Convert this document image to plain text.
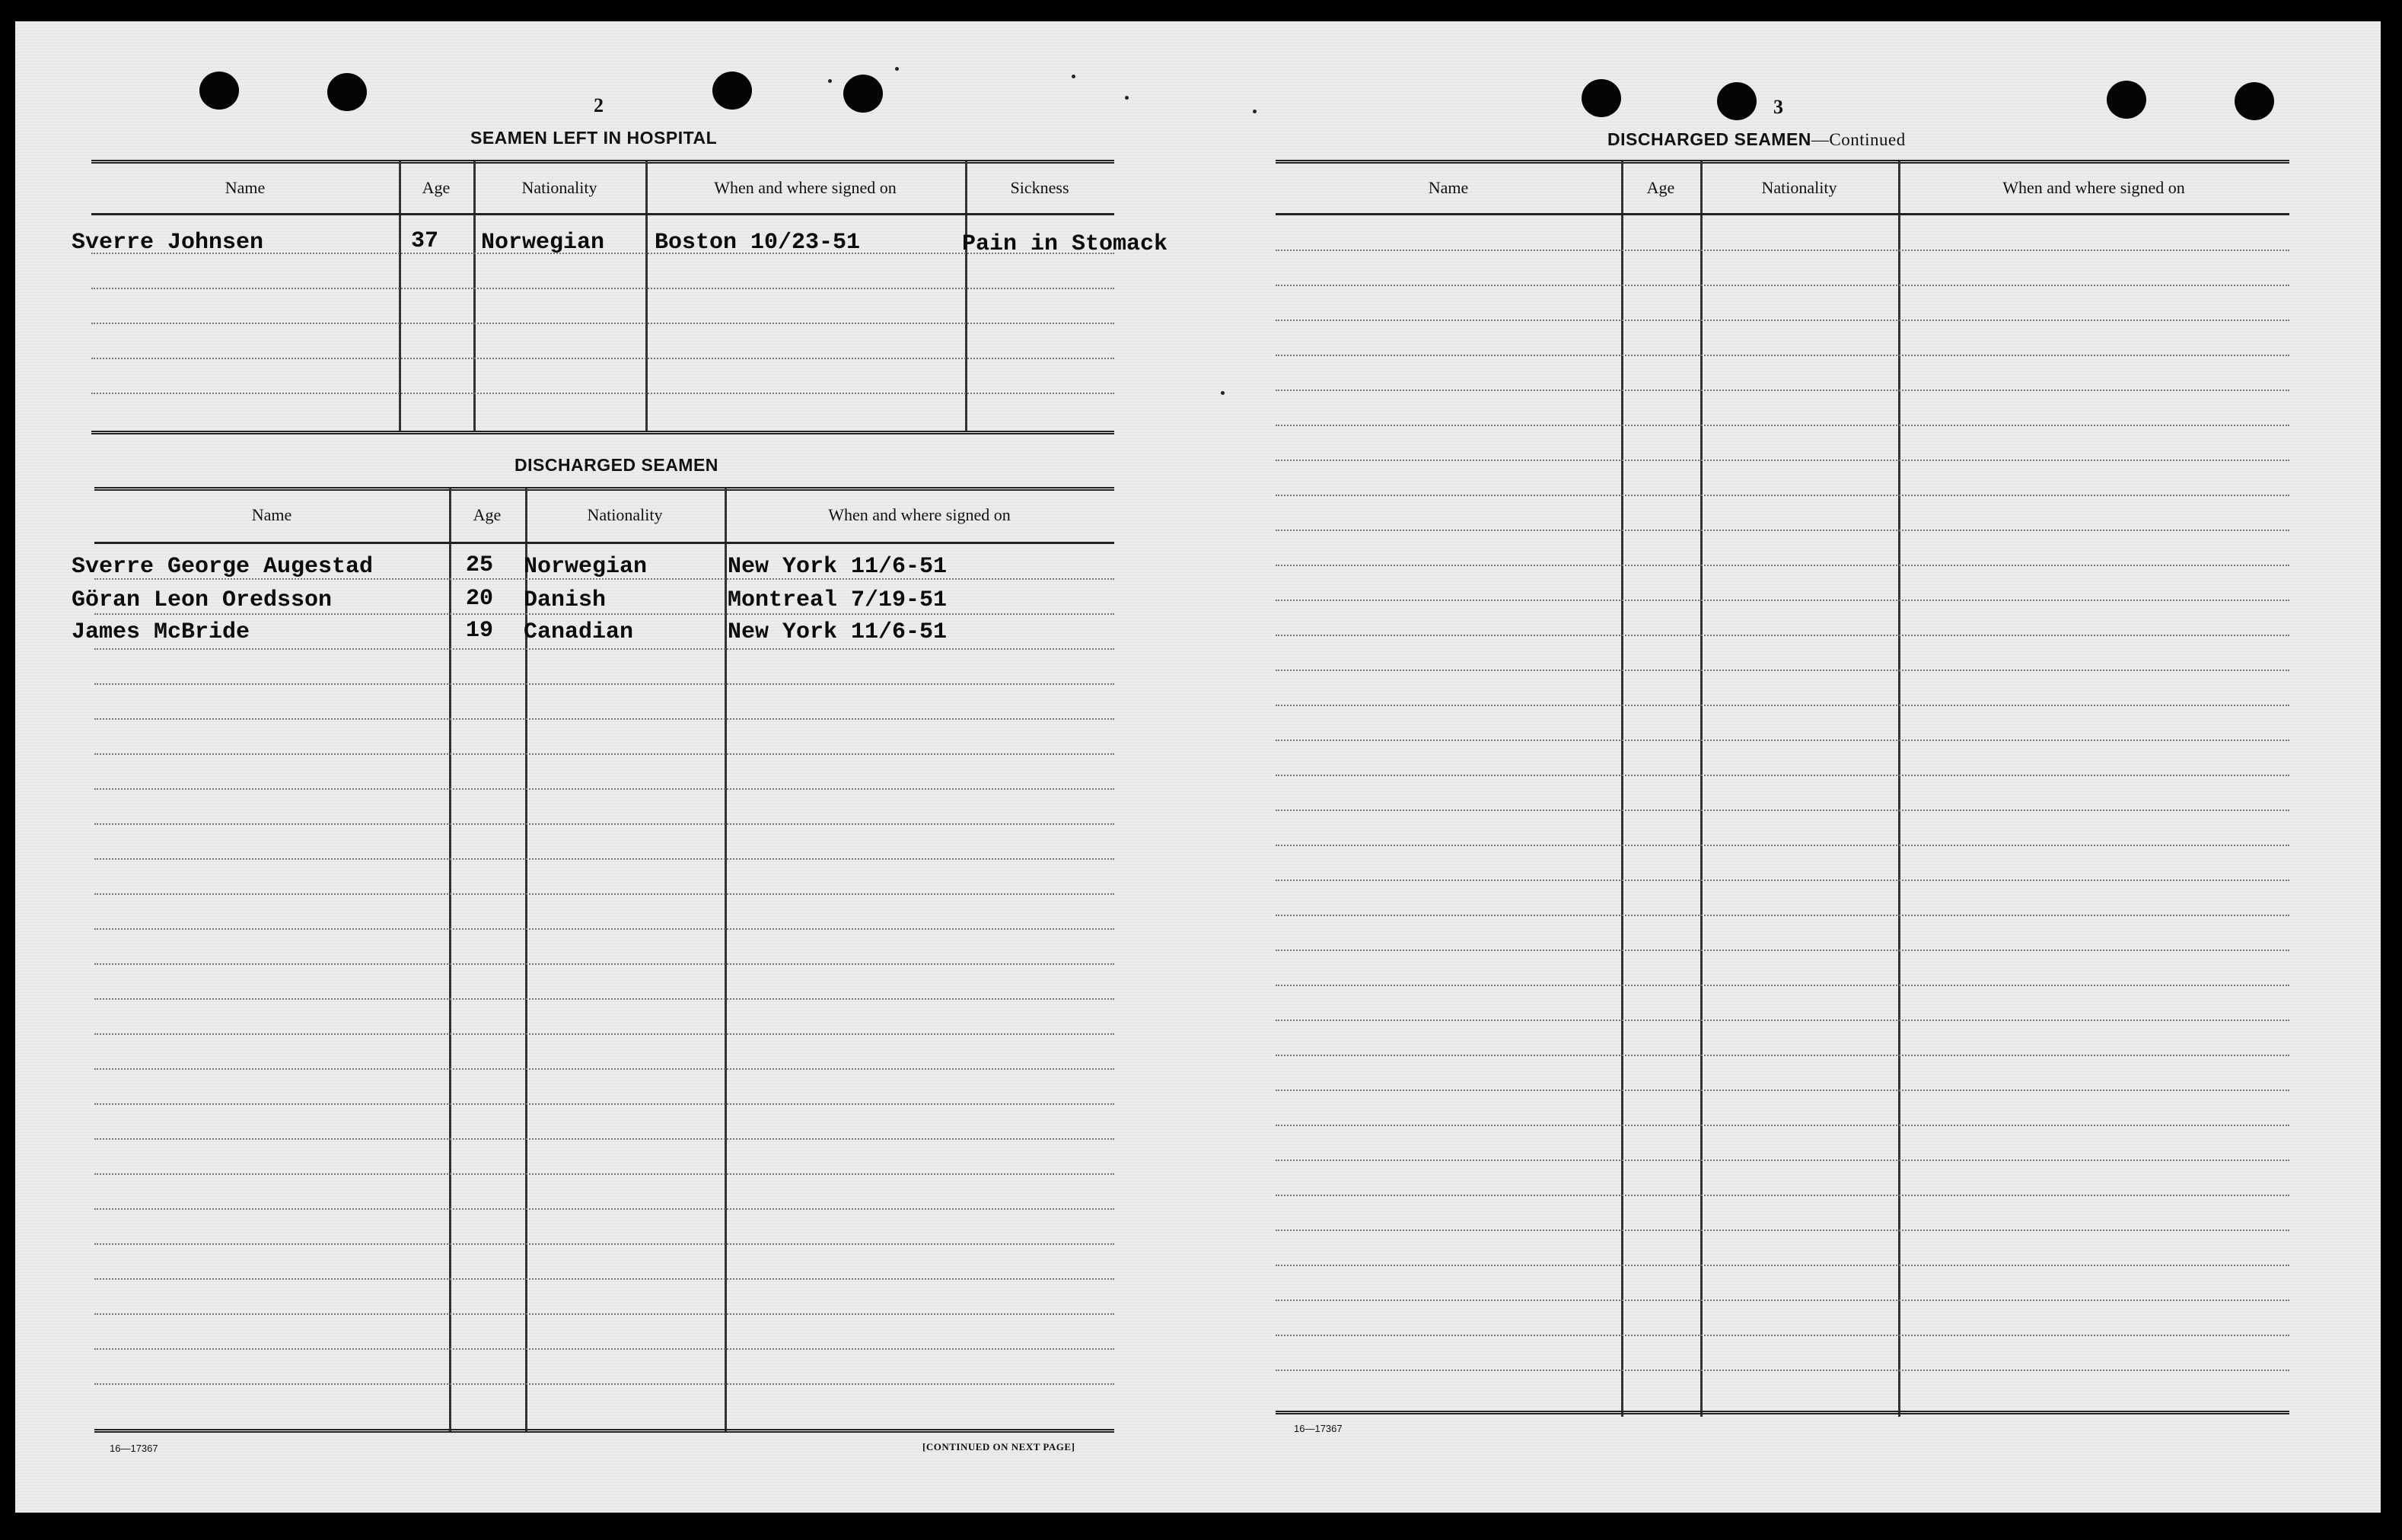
2
SEAMEN LEFT IN HOSPITAL
Name	Age	Nationality	When and where signed on	Sickness
Sverre Johnsen	37 Norwegian Boston 10/23-51	Pain in Stomack
DISCHARGED SEAMEN
Name	Age	Nationality	When and where signed on
Sverre George Augestad	25 Norwegian	New York 11/6-51
Göran Leon Oredsson	20 Danish	Montreal 7/19-51
James McBride	19 Canadian	New York 11/6-51
16—17367	[CONTINUED ON NEXT PAGE]
3
DISCHARGED SEAMEN—Continued
Name	Age	Nationality	When and where signed on
16—17367
